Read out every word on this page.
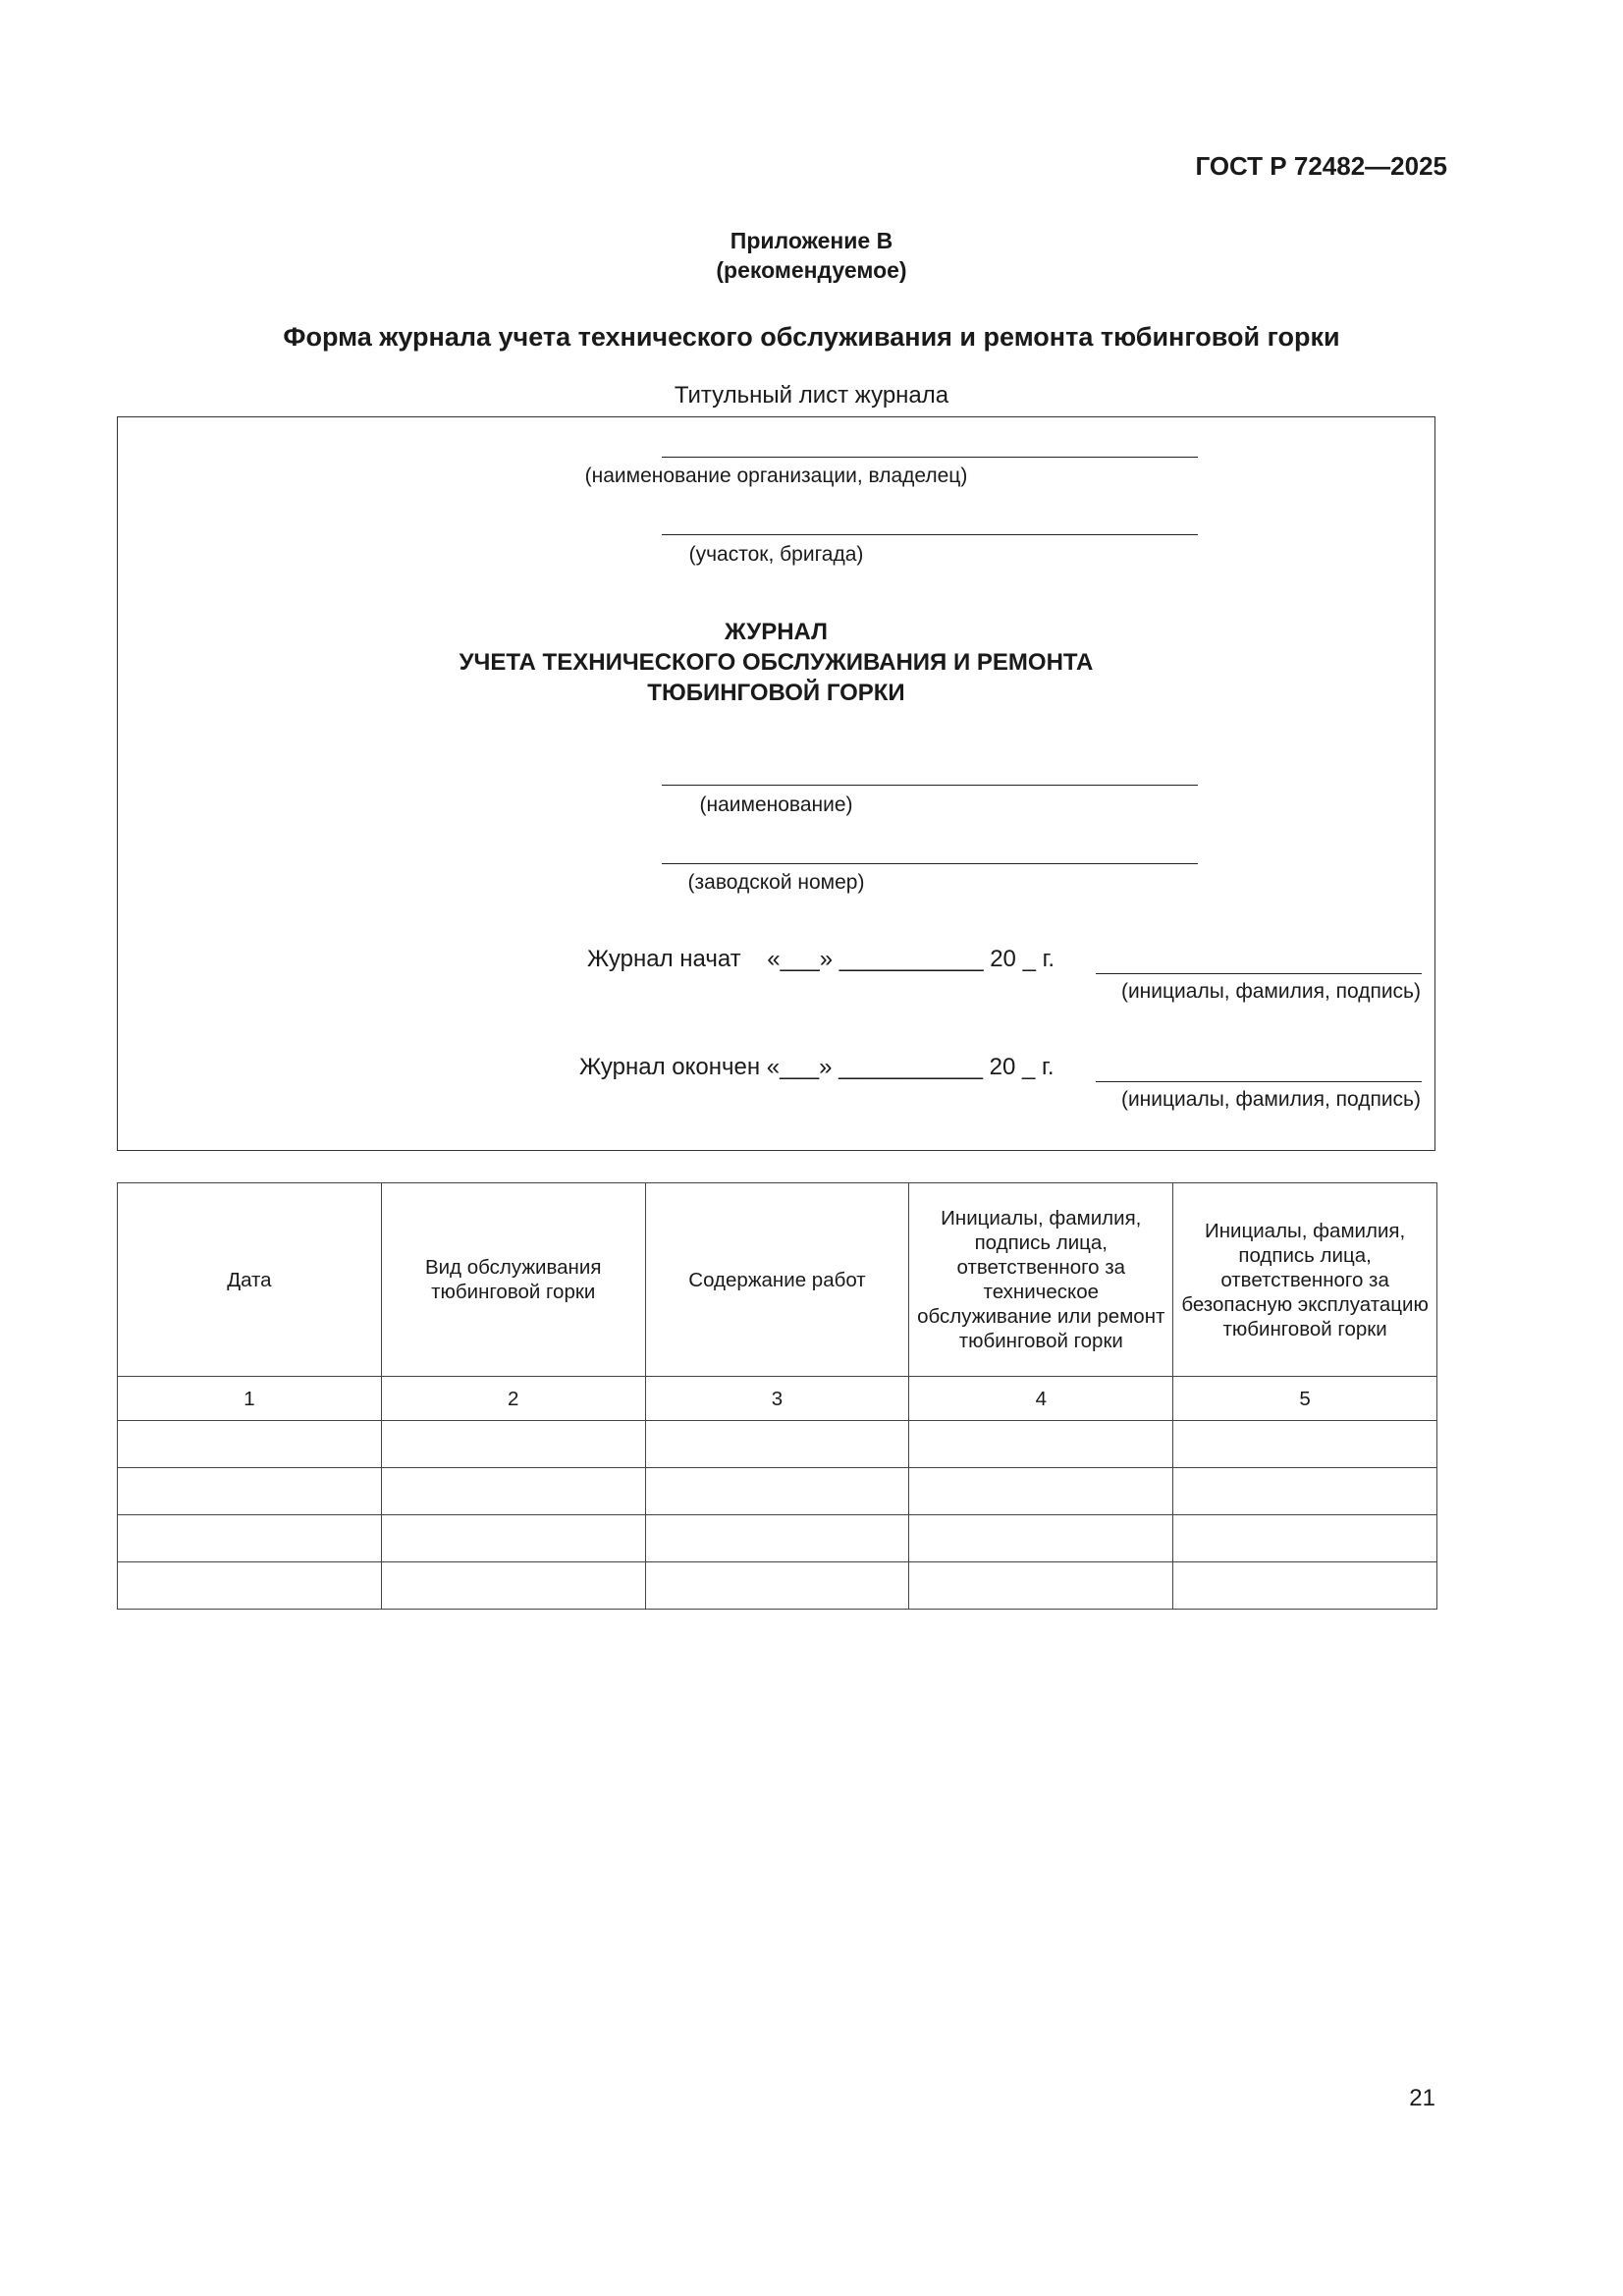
ГОСТ Р 72482—2025
Приложение В
(рекомендуемое)
Форма журнала учета технического обслуживания и ремонта тюбинговой горки
Титульный лист журнала
(наименование организации, владелец)
(участок, бригада)
ЖУРНАЛ
УЧЕТА ТЕХНИЧЕСКОГО ОБСЛУЖИВАНИЯ И РЕМОНТА
ТЮБИНГОВОЙ ГОРКИ
(наименование)
(заводской номер)
Журнал начат    «___» ___________ 20 _ г.
(инициалы, фамилия, подпись)
Журнал окончен «___» ___________ 20 _ г.
(инициалы, фамилия, подпись)
Дата	Вид обслуживания тюбинговой горки	Содержание работ	Инициалы, фамилия, подпись лица, ответственного за техническое обслуживание или ремонт тюбинговой горки	Инициалы, фамилия, подпись лица, ответственного за безопасную эксплуатацию тюбинговой горки
1	2	3	4	5

21
